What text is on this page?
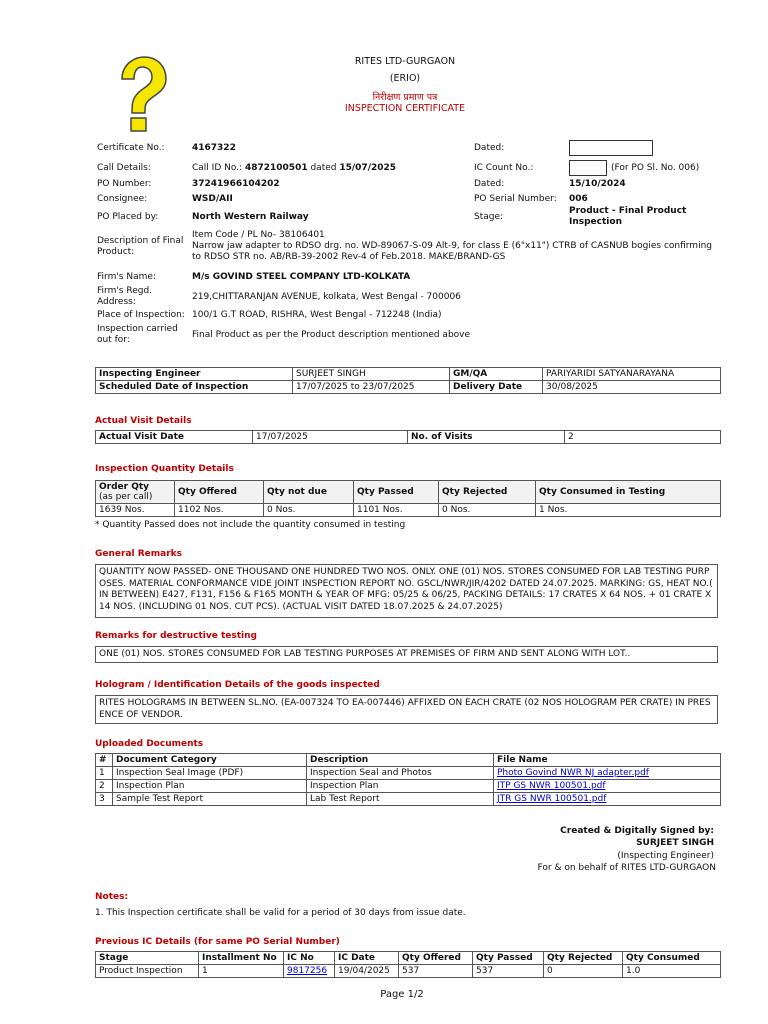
RITES LTD-GURGAON
(ERIO)
निरीक्षण प्रमाण पत्र
INSPECTION CERTIFICATE
Certificate No.:	4167322	Dated:
Call Details:	Call ID No.: 4872100501 dated 15/07/2025	IC Count No.:	(For PO Sl. No. 006)
PO Number:	37241966104202	Dated:	15/10/2024
Consignee:	WSD/AII	PO Serial Number: 006
PO Placed by:	North Western Railway	Stage:
Product - Final Product Inspection
Description of Final Product:
Item Code / PL No- 38106401
Narrow jaw adapter to RDSO drg. no. WD-89067-S-09 Alt-9, for class E (6"x11") CTRB of CASNUB bogies confirming to RDSO STR no. AB/RB-39-2002 Rev-4 of Feb.2018. MAKE/BRAND-GS
Firm's Name:	M/s GOVIND STEEL COMPANY LTD-KOLKATA
Firm's Regd. Address:	219,CHITTARANJAN AVENUE, kolkata, West Bengal - 700006
Place of Inspection: 100/1 G.T ROAD, RISHRA, West Bengal - 712248 (India)
Inspection carried out for:	Final Product as per the Product description mentioned above
Inspecting Engineer	SURJEET SINGH	GM/QA	PARIYARIDI SATYANARAYANA
Scheduled Date of Inspection	17/07/2025 to 23/07/2025	Delivery Date	30/08/2025
Actual Visit Details
Actual Visit Date	17/07/2025	No. of Visits	2
Inspection Quantity Details
Order Qty
(as per call)	Qty Offered	Qty not due	Qty Passed	Qty Rejected	Qty Consumed in Testing
1639 Nos.	1102 Nos.	0 Nos.	1101 Nos.	0 Nos.	1 Nos.
* Quantity Passed does not include the quantity consumed in testing
General Remarks
QUANTITY NOW PASSED- ONE THOUSAND ONE HUNDRED TWO NOS. ONLY. ONE (01) NOS. STORES CONSUMED FOR LAB TESTING PURP OSES. MATERIAL CONFORMANCE VIDE JOINT INSPECTION REPORT NO. GSCL/NWR/JIR/4202 DATED 24.07.2025. MARKING: GS, HEAT NO.( IN BETWEEN) E427, F131, F156 & F165 MONTH & YEAR OF MFG: 05/25 & 06/25, PACKING DETAILS: 17 CRATES X 64 NOS. + 01 CRATE X 14 NOS. (INCLUDING 01 NOS. CUT PCS). (ACTUAL VISIT DATED 18.07.2025 & 24.07.2025)
Remarks for destructive testing
ONE (01) NOS. STORES CONSUMED FOR LAB TESTING PURPOSES AT PREMISES OF FIRM AND SENT ALONG WITH LOT..
Hologram / Identification Details of the goods inspected
RITES HOLOGRAMS IN BETWEEN SL.NO. (EA-007324 TO EA-007446) AFFIXED ON EACH CRATE (02 NOS HOLOGRAM PER CRATE) IN PRES ENCE OF VENDOR.
Uploaded Documents
#	Document Category	Description	File Name
1	Inspection Seal Image (PDF)	Inspection Seal and Photos	Photo Govind NWR NJ adapter.pdf
2	Inspection Plan	Inspection Plan	ITP GS NWR 100501.pdf
3	Sample Test Report	Lab Test Report	JTR GS NWR 100501.pdf
Created & Digitally Signed by:
SURJEET SINGH
(Inspecting Engineer)
For & on behalf of RITES LTD-GURGAON
Notes:
1. This Inspection certificate shall be valid for a period of 30 days from issue date.
Previous IC Details (for same PO Serial Number)
Stage	Installment No	IC No	IC Date	Qty Offered	Qty Passed	Qty Rejected	Qty Consumed
Product Inspection	1	9817256	19/04/2025	537	537	0	1.0
Page 1/2
